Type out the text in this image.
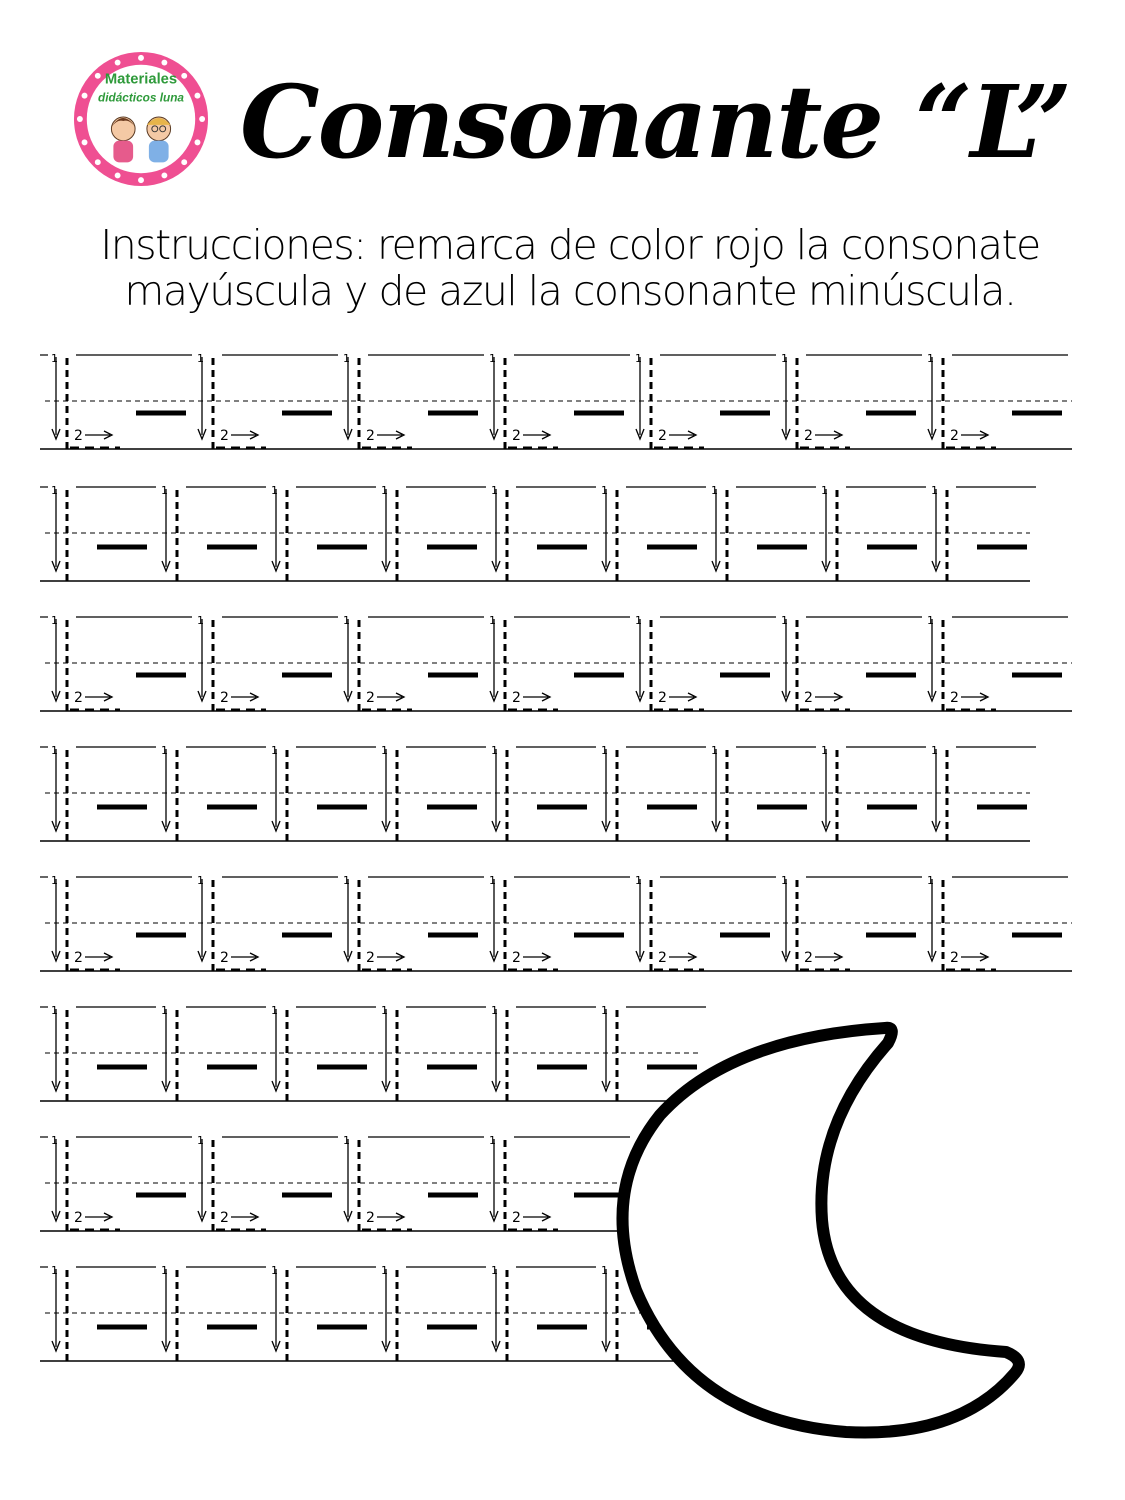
Materiales
didácticos luna Consonante “L”
Instrucciones: remarca de color rojo la consonate
mayúscula y de azul la consonante minúscula.
1
2
1
2
1
2
1
2
1
2
1
2
1
2
1	1	1	1	1	1	1	1	1
1
2
1
2
1
2
1
2
1
2
1
2
1
2
1	1	1	1	1	1	1	1	1
1
2
1
2
1
2
1
2
1
2
1
2
1
2
1	1	1	1	1	1
1
2
1
2
1
2
1
2
1	1	1	1	1	1
